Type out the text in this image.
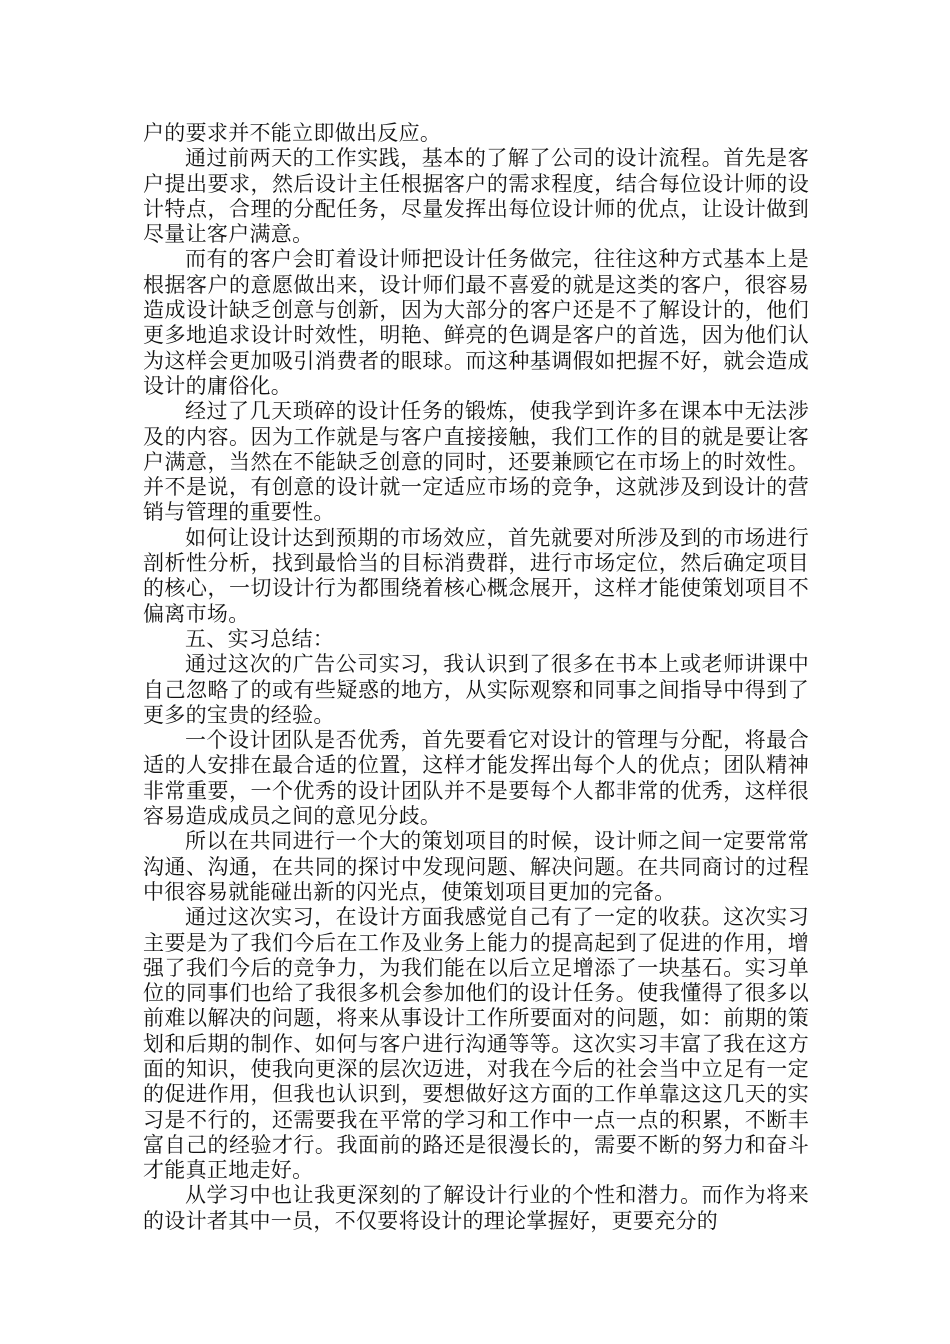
户的要求并不能立即做出反应。

通过前两天的工作实践，基本的了解了公司的设计流程。首先是客户提出要求，然后设计主任根据客户的需求程度，结合每位设计师的设计特点，合理的分配任务，尽量发挥出每位设计师的优点，让设计做到尽量让客户满意。

而有的客户会盯着设计师把设计任务做完，往往这种方式基本上是根据客户的意愿做出来，设计师们最不喜爱的就是这类的客户，很容易造成设计缺乏创意与创新，因为大部分的客户还是不了解设计的，他们更多地追求设计时效性，明艳、鲜亮的色调是客户的首选，因为他们认为这样会更加吸引消费者的眼球。而这种基调假如把握不好，就会造成设计的庸俗化。

经过了几天琐碎的设计任务的锻炼，使我学到许多在课本中无法涉及的内容。因为工作就是与客户直接接触，我们工作的目的就是要让客户满意，当然在不能缺乏创意的同时，还要兼顾它在市场上的时效性。并不是说，有创意的设计就一定适应市场的竞争，这就涉及到设计的营销与管理的重要性。

如何让设计达到预期的市场效应，首先就要对所涉及到的市场进行剖析性分析，找到最恰当的目标消费群，进行市场定位，然后确定项目的核心，一切设计行为都围绕着核心概念展开，这样才能使策划项目不偏离市场。

五、实习总结：

通过这次的广告公司实习，我认识到了很多在书本上或老师讲课中自己忽略了的或有些疑惑的地方，从实际观察和同事之间指导中得到了更多的宝贵的经验。

一个设计团队是否优秀，首先要看它对设计的管理与分配，将最合适的人安排在最合适的位置，这样才能发挥出每个人的优点；团队精神非常重要，一个优秀的设计团队并不是要每个人都非常的优秀，这样很容易造成成员之间的意见分歧。

所以在共同进行一个大的策划项目的时候，设计师之间一定要常常沟通、沟通，在共同的探讨中发现问题、解决问题。在共同商讨的过程中很容易就能碰出新的闪光点，使策划项目更加的完备。

通过这次实习，在设计方面我感觉自己有了一定的收获。这次实习主要是为了我们今后在工作及业务上能力的提高起到了促进的作用，增强了我们今后的竞争力，为我们能在以后立足增添了一块基石。实习单位的同事们也给了我很多机会参加他们的设计任务。使我懂得了很多以前难以解决的问题，将来从事设计工作所要面对的问题，如：前期的策划和后期的制作、如何与客户进行沟通等等。这次实习丰富了我在这方面的知识，使我向更深的层次迈进，对我在今后的社会当中立足有一定的促进作用，但我也认识到，要想做好这方面的工作单靠这这几天的实习是不行的，还需要我在平常的学习和工作中一点一点的积累，不断丰富自己的经验才行。我面前的路还是很漫长的，需要不断的努力和奋斗才能真正地走好。

从学习中也让我更深刻的了解设计行业的个性和潜力。而作为将来的设计者其中一员，不仅要将设计的理论掌握好，更要充分的
